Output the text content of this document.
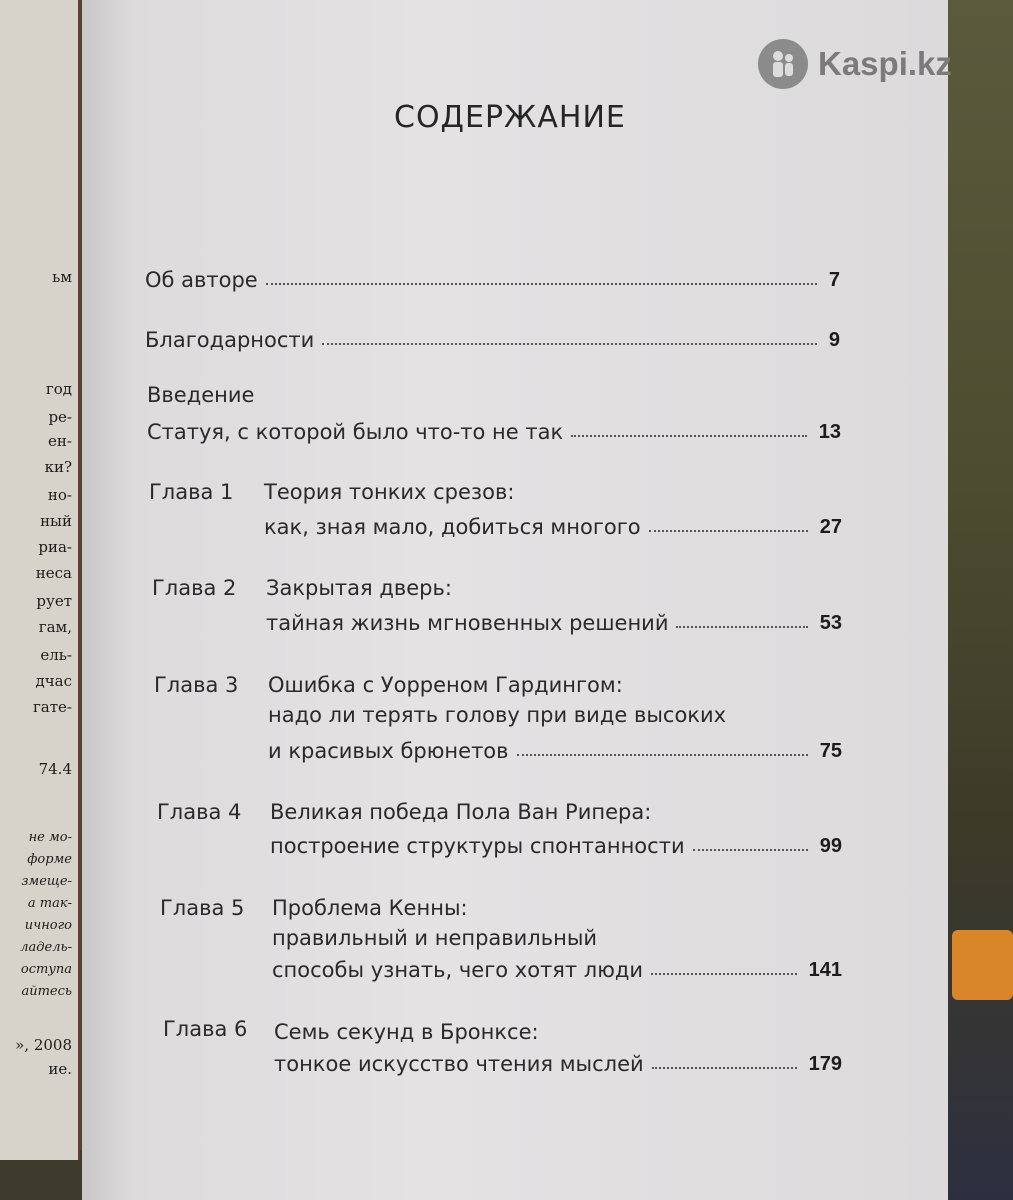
ьм
год
ре-
ен-
ки?
но-
ный
риа-
неса
рует
гам,
ель-
дчас
гате-
74.4
не мо-
форме
змеще-
а так-
ичного
ладель-
оступа
айтесь
», 2008
ие.
Kaspi.kz
СОДЕРЖАНИЕ
Об авторе	7
Благодарности	9
Введение
Статуя, с которой было что-то не так	13
Глава 1 Теория тонких срезов:
как, зная мало, добиться многого	27
Глава 2 Закрытая дверь:
тайная жизнь мгновенных решений	53
Глава 3 Ошибка с Уорреном Гардингом:
надо ли терять голову при виде высоких
и красивых брюнетов	75
Глава 4 Великая победа Пола Ван Рипера:
построение структуры спонтанности	99
Глава 5 Проблема Кенны:
правильный и неправильный
способы узнать, чего хотят люди	141
Глава 6 Семь секунд в Бронксе:
тонкое искусство чтения мыслей	179
